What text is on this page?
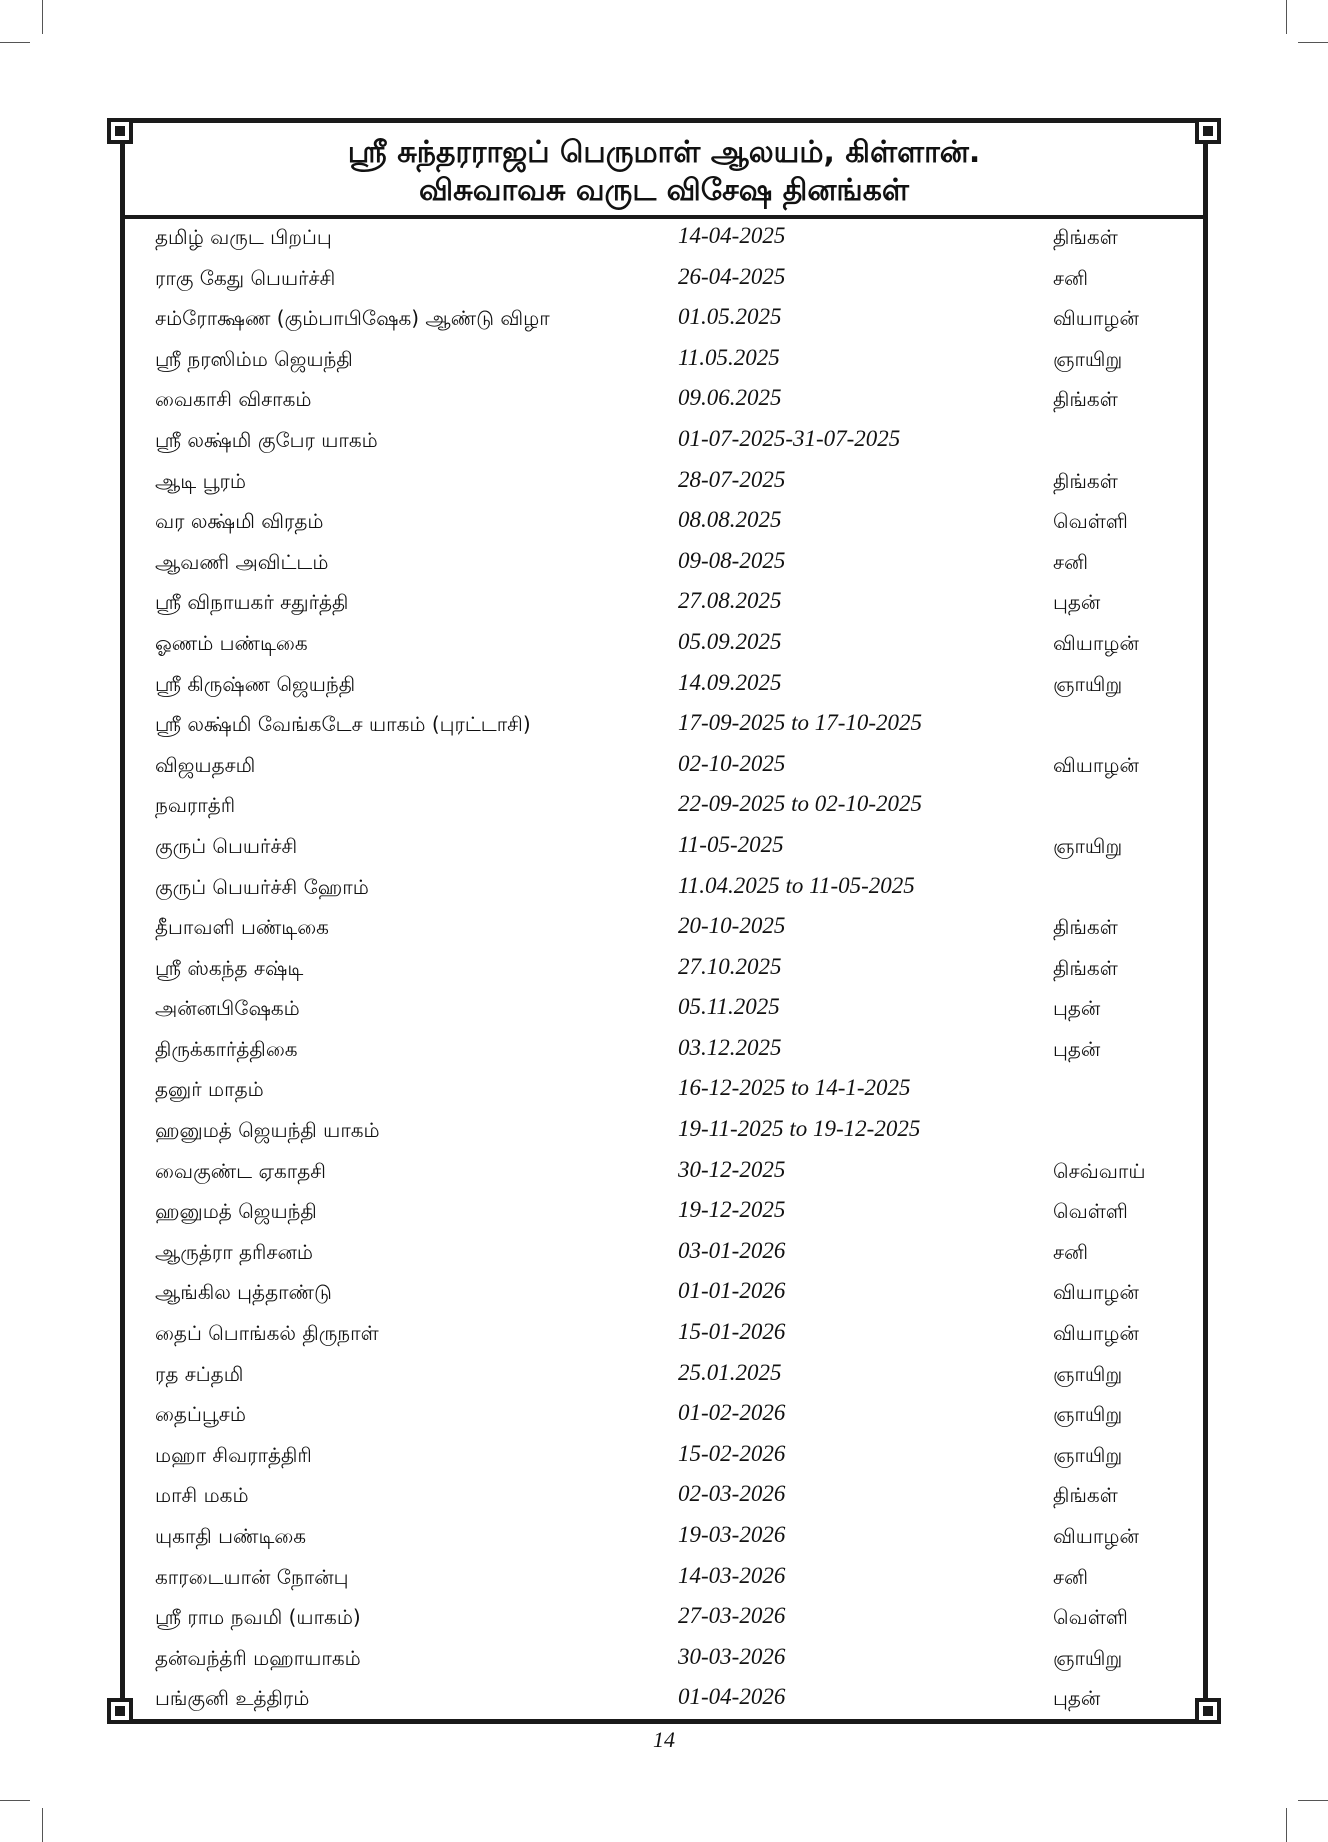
ஸ்ரீ சுந்தரராஜப் பெருமாள் ஆலயம், கிள்ளான்.
விசுவாவசு வருட விசேஷ தினங்கள்
தமிழ் வருட பிறப்பு	14-04-2025	திங்கள்
ராகு கேது பெயர்ச்சி	26-04-2025	சனி
சம்ரோக்ஷண (கும்பாபிஷேக) ஆண்டு விழா	01.05.2025	வியாழன்
ஸ்ரீ நரஸிம்ம ஜெயந்தி	11.05.2025	ஞாயிறு
வைகாசி விசாகம்	09.06.2025	திங்கள்
ஸ்ரீ லக்ஷ்மி குபேர யாகம்	01-07-2025-31-07-2025
ஆடி பூரம்	28-07-2025	திங்கள்
வர லக்ஷ்மி விரதம்	08.08.2025	வெள்ளி
ஆவணி அவிட்டம்	09-08-2025	சனி
ஸ்ரீ விநாயகர் சதுர்த்தி	27.08.2025	புதன்
ஓணம் பண்டிகை	05.09.2025	வியாழன்
ஸ்ரீ கிருஷ்ண ஜெயந்தி	14.09.2025	ஞாயிறு
ஸ்ரீ லக்ஷ்மி வேங்கடேச யாகம் (புரட்டாசி)	17-09-2025 to 17-10-2025
விஜயதசமி	02-10-2025	வியாழன்
நவராத்ரி	22-09-2025 to 02-10-2025
குருப் பெயர்ச்சி	11-05-2025	ஞாயிறு
குருப் பெயர்ச்சி ஹோம்	11.04.2025 to 11-05-2025
தீபாவளி பண்டிகை	20-10-2025	திங்கள்
ஸ்ரீ ஸ்கந்த சஷ்டி	27.10.2025	திங்கள்
அன்னபிஷேகம்	05.11.2025	புதன்
திருக்கார்த்திகை	03.12.2025	புதன்
தனுர் மாதம்	16-12-2025 to 14-1-2025
ஹனுமத் ஜெயந்தி யாகம்	19-11-2025 to 19-12-2025
வைகுண்ட ஏகாதசி	30-12-2025	செவ்வாய்
ஹனுமத் ஜெயந்தி	19-12-2025	வெள்ளி
ஆருத்ரா தரிசனம்	03-01-2026	சனி
ஆங்கில புத்தாண்டு	01-01-2026	வியாழன்
தைப் பொங்கல் திருநாள்	15-01-2026	வியாழன்
ரத சப்தமி	25.01.2025	ஞாயிறு
தைப்பூசம்	01-02-2026	ஞாயிறு
மஹா சிவராத்திரி	15-02-2026	ஞாயிறு
மாசி மகம்	02-03-2026	திங்கள்
யுகாதி பண்டிகை	19-03-2026	வியாழன்
காரடையான் நோன்பு	14-03-2026	சனி
ஸ்ரீ ராம நவமி (யாகம்)	27-03-2026	வெள்ளி
தன்வந்த்ரி மஹாயாகம்	30-03-2026	ஞாயிறு
பங்குனி உத்திரம்	01-04-2026	புதன்
14
